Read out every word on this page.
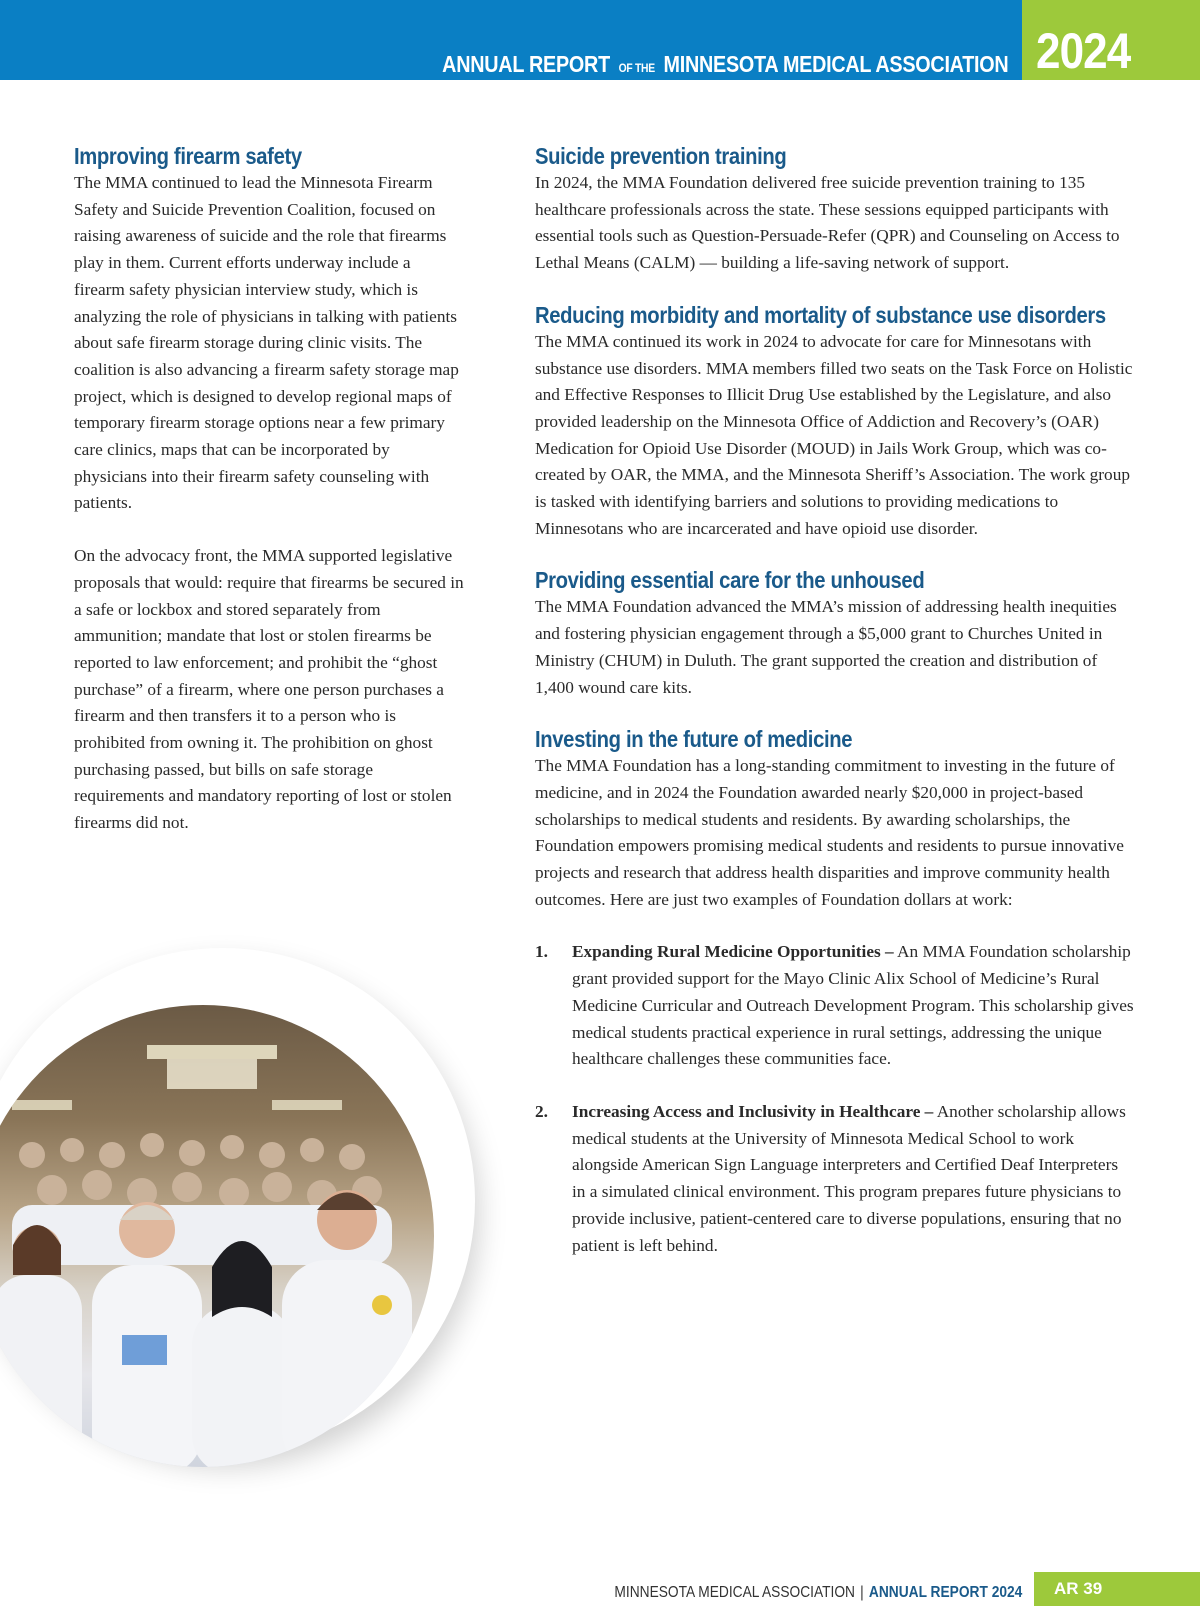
ANNUAL REPORT OF THE MINNESOTA MEDICAL ASSOCIATION 2024
Improving firearm safety

The MMA continued to lead the Minnesota Firearm Safety and Suicide Prevention Coalition, focused on raising awareness of suicide and the role that firearms play in them. Current efforts underway include a firearm safety physician interview study, which is analyzing the role of physicians in talking with patients about safe firearm storage during clinic visits. The coalition is also advancing a firearm safety storage map project, which is designed to develop regional maps of temporary firearm storage options near a few primary care clinics, maps that can be incorporated by physicians into their firearm safety counseling with patients.

On the advocacy front, the MMA supported legislative proposals that would: require that firearms be secured in a safe or lockbox and stored separately from ammunition; mandate that lost or stolen firearms be reported to law enforcement; and prohibit the “ghost purchase” of a firearm, where one person purchases a firearm and then transfers it to a person who is prohibited from owning it. The prohibition on ghost purchasing passed, but bills on safe storage requirements and mandatory reporting of lost or stolen firearms did not.

Suicide prevention training

In 2024, the MMA Foundation delivered free suicide prevention training to 135 healthcare professionals across the state. These sessions equipped participants with essential tools such as Question-Persuade-Refer (QPR) and Counseling on Access to Lethal Means (CALM) — building a life-saving network of support.

Reducing morbidity and mortality of substance use disorders

The MMA continued its work in 2024 to advocate for care for Minnesotans with substance use disorders. MMA members filled two seats on the Task Force on Holistic and Effective Responses to Illicit Drug Use established by the Legislature, and also provided leadership on the Minnesota Office of Addiction and Recovery’s (OAR) Medication for Opioid Use Disorder (MOUD) in Jails Work Group, which was co-created by OAR, the MMA, and the Minnesota Sheriff’s Association. The work group is tasked with identifying barriers and solutions to providing medications to Minnesotans who are incarcerated and have opioid use disorder.

Providing essential care for the unhoused

The MMA Foundation advanced the MMA’s mission of addressing health inequities and fostering physician engagement through a $5,000 grant to Churches United in Ministry (CHUM) in Duluth. The grant supported the creation and distribution of 1,400 wound care kits.

Investing in the future of medicine

The MMA Foundation has a long-standing commitment to investing in the future of medicine, and in 2024 the Foundation awarded nearly $20,000 in project-based scholarships to medical students and residents. By awarding scholarships, the Foundation empowers promising medical students and residents to pursue innovative projects and research that address health disparities and improve community health outcomes. Here are just two examples of Foundation dollars at work:

1. Expanding Rural Medicine Opportunities – An MMA Foundation scholarship grant provided support for the Mayo Clinic Alix School of Medicine’s Rural Medicine Curricular and Outreach Development Program. This scholarship gives medical students practical experience in rural settings, addressing the unique healthcare challenges these communities face.
2. Increasing Access and Inclusivity in Healthcare – Another scholarship allows medical students at the University of Minnesota Medical School to work alongside American Sign Language interpreters and Certified Deaf Interpreters in a simulated clinical environment. This program prepares future physicians to provide inclusive, patient-centered care to diverse populations, ensuring that no patient is left behind.
MINNESOTA MEDICAL ASSOCIATION | ANNUAL REPORT 2024 AR 39
